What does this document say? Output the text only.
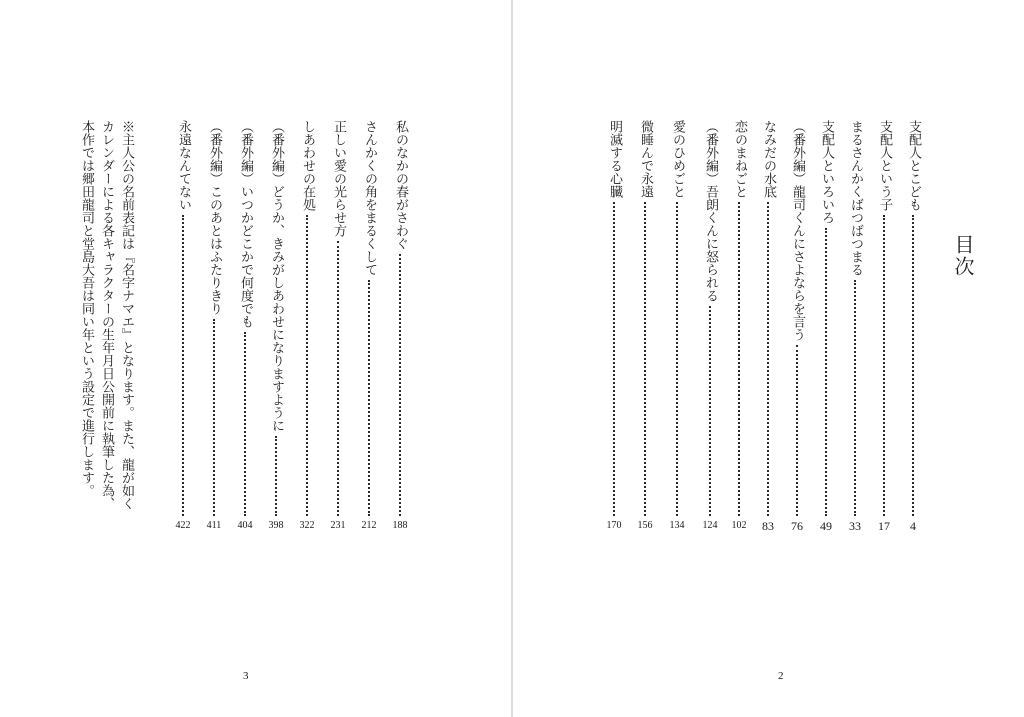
私のなかの春がさわぐ
188
さんかくの角をまるくして
212
正しい愛の光らせ方
231
しあわせの在処
322
（番外編）どうか、きみがしあわせになりますように
398
（番外編）いつかどこかで何度でも
404
（番外編）このあとはふたりきり
411
永遠なんてない
422
※主人公の名前表記は『名字ナマエ』となります。また、龍が如く
カレンダーによる各キャラクターの生年月日公開前に執筆した為、
本作では郷田龍司と堂島大吾は同い年という設定で進行します。
3
目次
支配人とこども
4
支配人という子
17
まるさんかくばつばつまる
33
支配人といろいろ
49
（番外編）龍司くんにさよならを言う
76
なみだの水底
83
恋のまねごと
102
（番外編）吾朗くんに怒られる
124
愛のひめごと
134
微睡んで永遠
156
明滅する心臓
170
2
